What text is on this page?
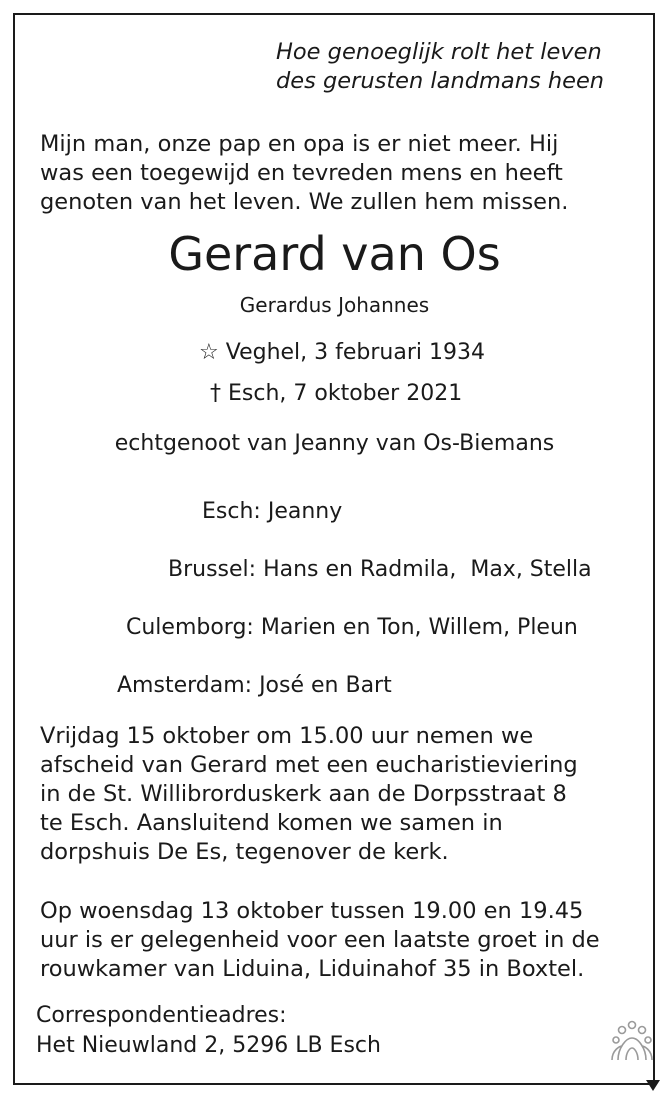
Hoe genoeglijk rolt het leven
des gerusten landmans heen
Mijn man, onze pap en opa is er niet meer. Hij
was een toegewijd en tevreden mens en heeft
genoten van het leven. We zullen hem missen.
Gerard van Os
Gerardus Johannes
☆ Veghel, 3 februari 1934
† Esch, 7 oktober 2021
echtgenoot van Jeanny van Os-Biemans
Esch: Jeanny
Brussel: Hans en Radmila,  Max, Stella
Culemborg: Marien en Ton, Willem, Pleun
Amsterdam: José en Bart
Vrijdag 15 oktober om 15.00 uur nemen we
afscheid van Gerard met een eucharistieviering
in de St. Willibrorduskerk aan de Dorpsstraat 8
te Esch. Aansluitend komen we samen in
dorpshuis De Es, tegenover de kerk.
Op woensdag 13 oktober tussen 19.00 en 19.45
uur is er gelegenheid voor een laatste groet in de
rouwkamer van Liduina, Liduinahof 35 in Boxtel.
Correspondentieadres:
Het Nieuwland 2, 5296 LB Esch
